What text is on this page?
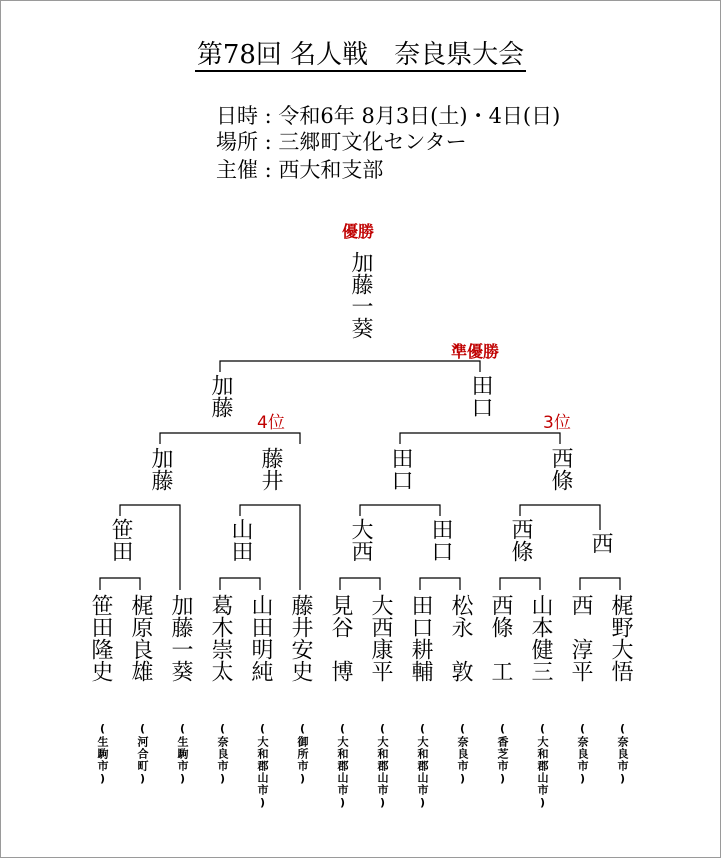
第78回 名人戦　奈良県大会
日時 : 令和6年 8月3日(土)・4日(日)
場所 : 三郷町文化センター
主催 : 西大和支部
優勝
準優勝
4位	3位
加藤一葵
加藤	田口
加藤	藤井	田口	西條
笹田	山田	大西	田口	西條	西
笹田隆史 梶原良雄 加藤一葵 葛木崇太 山田明純 藤井安史 見谷　博 大西康平 田口耕輔 松永　敦 西條　工 山本健三 西　淳平 梶野大悟
(生駒市)	(河合町)	(生駒市)	(奈良市)	(大和郡山市)	(御所市)	(大和郡山市)	(大和郡山市)	(大和郡山市)	(奈良市)	(香芝市)	(大和郡山市)	(奈良市)	(奈良市)
